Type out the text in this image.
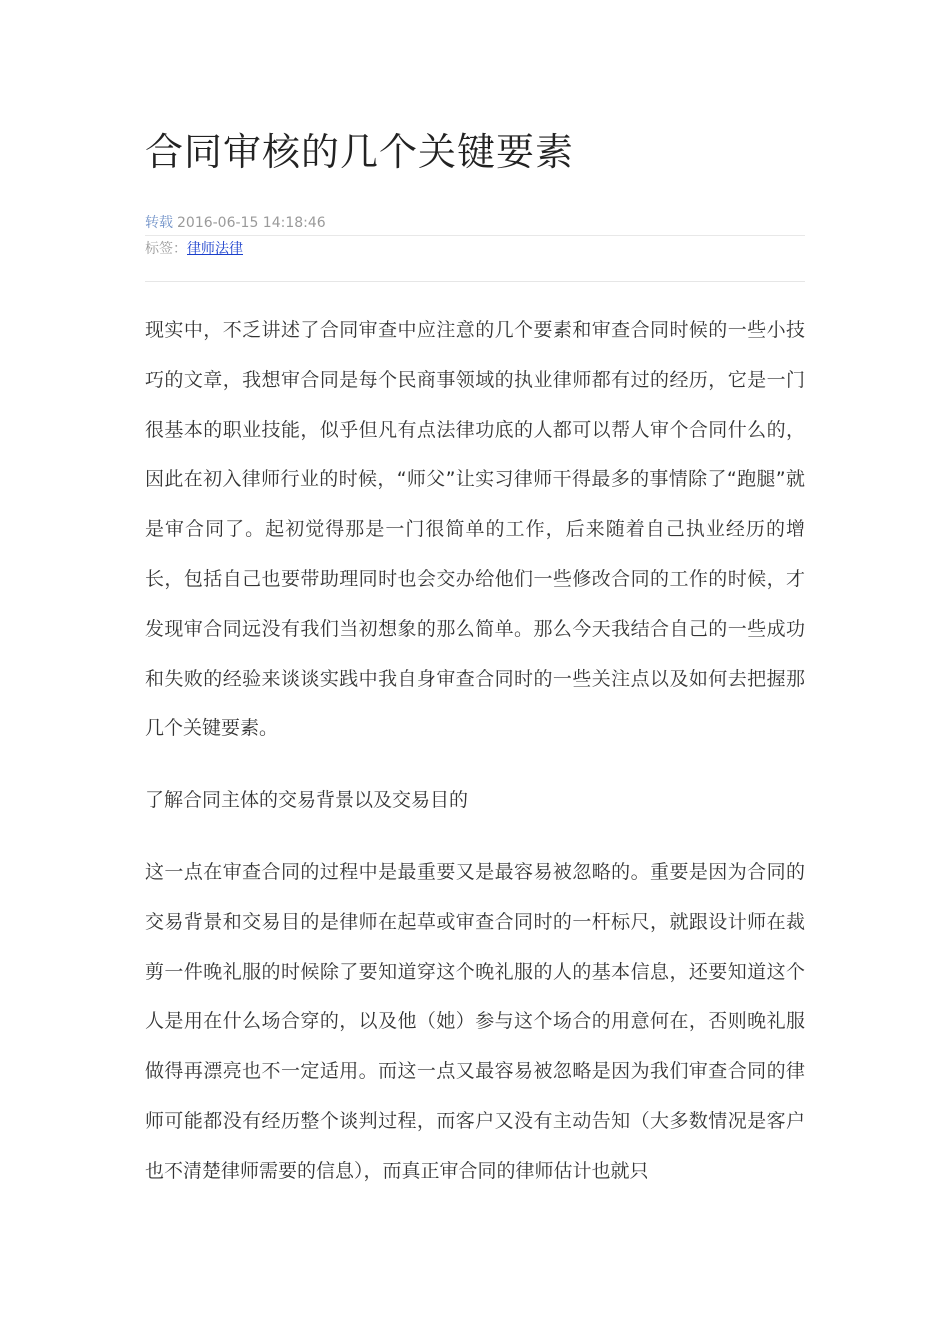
合同审核的几个关键要素
转载 2016-06-15 14:18:46
标签：律师法律

现实中，不乏讲述了合同审查中应注意的几个要素和审查合同时候的一些小技巧的文章，我想审合同是每个民商事领域的执业律师都有过的经历，它是一门很基本的职业技能，似乎但凡有点法律功底的人都可以帮人审个合同什么的，因此在初入律师行业的时候，“师父”让实习律师干得最多的事情除了“跑腿”就是审合同了。起初觉得那是一门很简单的工作，后来随着自己执业经历的增长，包括自己也要带助理同时也会交办给他们一些修改合同的工作的时候，才发现审合同远没有我们当初想象的那么简单。那么今天我结合自己的一些成功和失败的经验来谈谈实践中我自身审查合同时的一些关注点以及如何去把握那几个关键要素。

了解合同主体的交易背景以及交易目的

这一点在审查合同的过程中是最重要又是最容易被忽略的。重要是因为合同的交易背景和交易目的是律师在起草或审查合同时的一杆标尺，就跟设计师在裁剪一件晚礼服的时候除了要知道穿这个晚礼服的人的基本信息，还要知道这个人是用在什么场合穿的，以及他（她）参与这个场合的用意何在，否则晚礼服做得再漂亮也不一定适用。而这一点又最容易被忽略是因为我们审查合同的律师可能都没有经历整个谈判过程，而客户又没有主动告知（大多数情况是客户也不清楚律师需要的信息），而真正审合同的律师估计也就只
